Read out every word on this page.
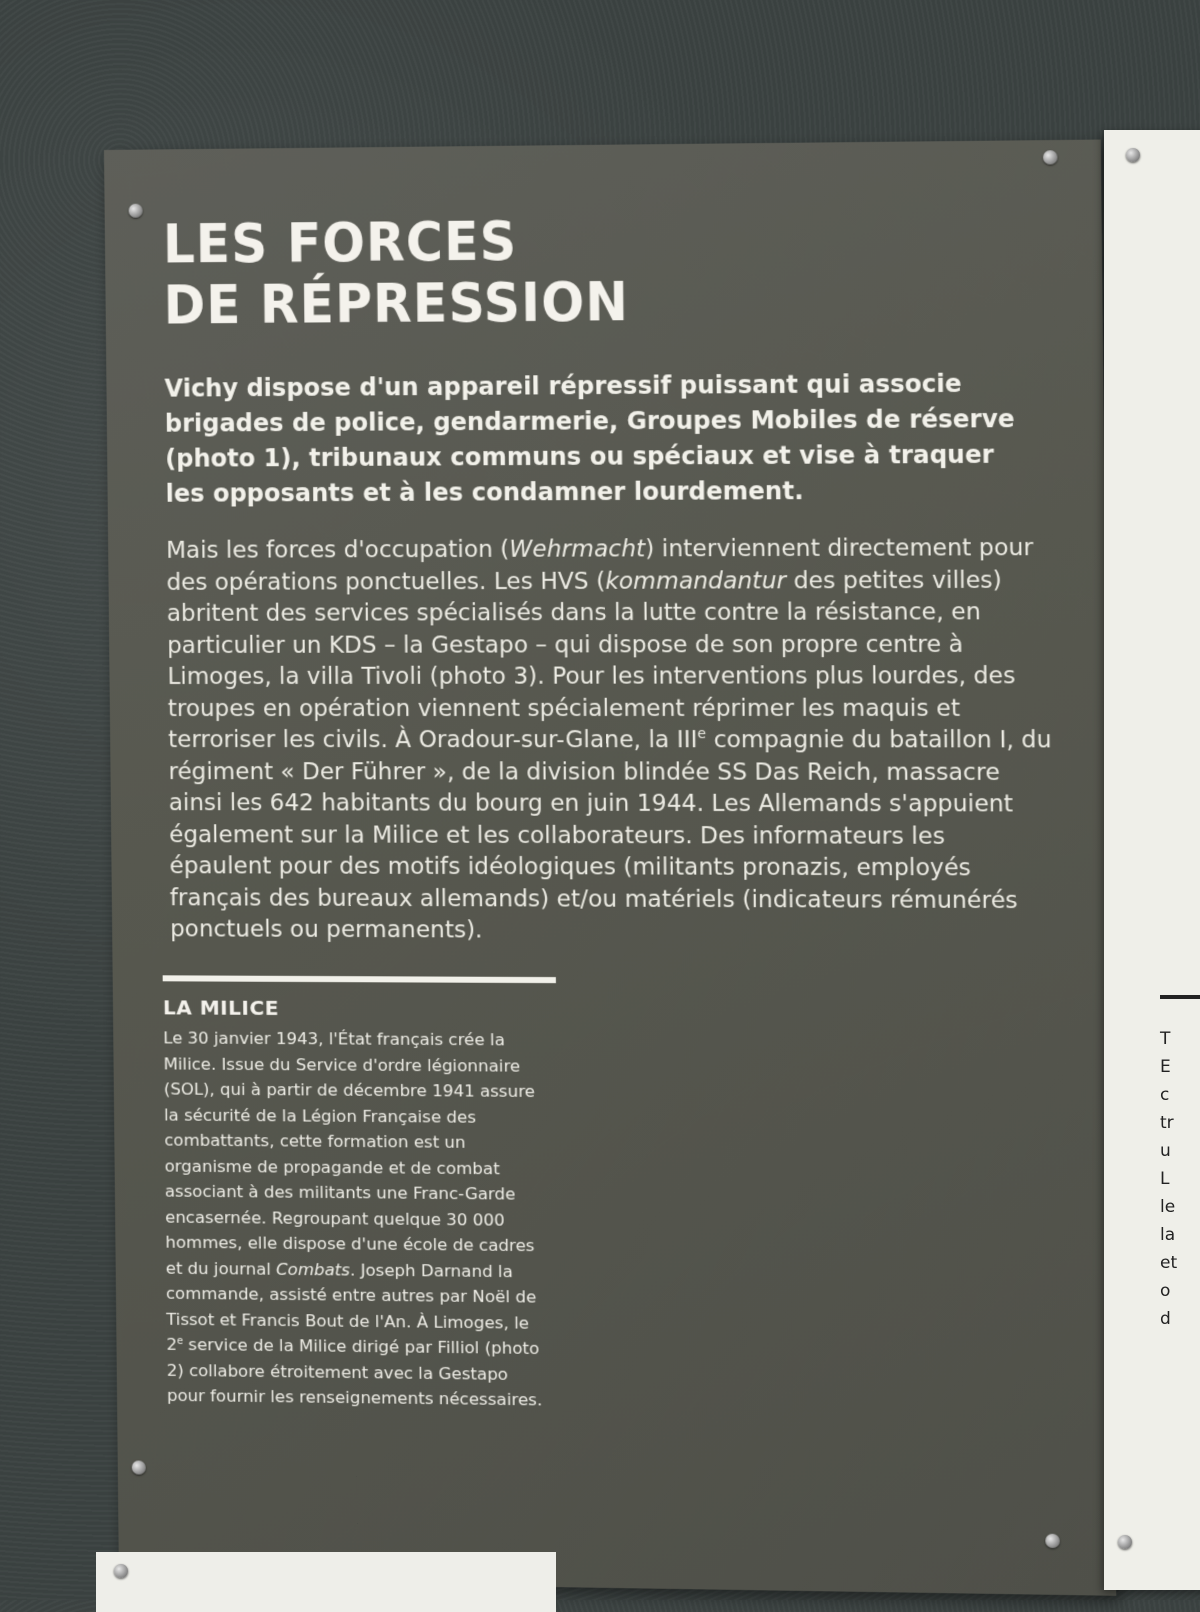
LES FORCES
DE RÉPRESSION

Vichy dispose d'un appareil répressif puissant qui associe brigades de police, gendarmerie, Groupes Mobiles de réserve (photo 1), tribunaux communs ou spéciaux et vise à traquer les opposants et à les condamner lourdement.

Mais les forces d'occupation (Wehrmacht) interviennent directement pour des opérations ponctuelles. Les HVS (kommandantur des petites villes) abritent des services spécialisés dans la lutte contre la résistance, en particulier un KDS – la Gestapo – qui dispose de son propre centre à Limoges, la villa Tivoli (photo 3). Pour les interventions plus lourdes, des troupes en opération viennent spécialement réprimer les maquis et terroriser les civils. À Oradour-sur-Glane, la IIIe compagnie du bataillon I, du régiment « Der Führer », de la division blindée SS Das Reich, massacre ainsi les 642 habitants du bourg en juin 1944. Les Allemands s'appuient également sur la Milice et les collaborateurs. Des informateurs les épaulent pour des motifs idéologiques (militants pronazis, employés français des bureaux allemands) et/ou matériels (indicateurs rémunérés ponctuels ou permanents).

LA MILICE

Le 30 janvier 1943, l'État français crée la Milice. Issue du Service d'ordre légionnaire (SOL), qui à partir de décembre 1941 assure la sécurité de la Légion Française des combattants, cette formation est un organisme de propagande et de combat associant à des militants une Franc-Garde encasernée. Regroupant quelque 30 000 hommes, elle dispose d'une école de cadres et du journal Combats. Joseph Darnand la commande, assisté entre autres par Noël de Tissot et Francis Bout de l'An. À Limoges, le 2e service de la Milice dirigé par Filliol (photo 2) collabore étroitement avec la Gestapo pour fournir les renseignements nécessaires.

T
E
c
tr
u
L
le
la
et
o
d
